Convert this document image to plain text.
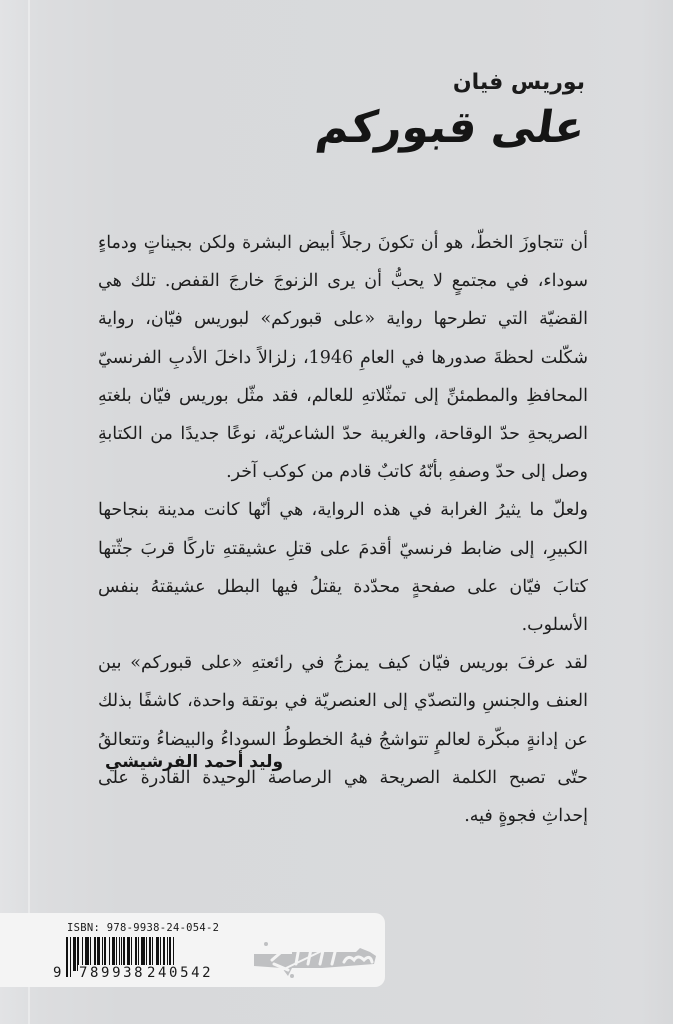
بوريس فيان
على قبوركم

أن تتجاوزَ الخطّ، هو أن تكونَ رجلاً أبيض البشرة ولكن بجيناتٍ ودماءٍ سوداء، في مجتمعٍ لا يحبُّ أن يرى الزنوجَ خارجَ القفص. تلك هي القضيّة التي تطرحها رواية «على قبوركم» لبوريس فيّان، رواية شكّلت لحظةَ صدورها في العامِ 1946، زلزالاً داخلَ الأدبِ الفرنسيّ المحافظِ والمطمئنِّ إلى تمثّلاتهِ للعالم، فقد مثّل بوريس فيّان بلغتهِ الصريحةِ حدّ الوقاحة، والغريبة حدّ الشاعريّة، نوعًا جديدًا من الكتابةِ وصل إلى حدّ وصفهِ بأنّهُ كاتبٌ قادم من كوكب آخر.

ولعلّ ما يثيرُ الغرابة في هذه الرواية، هي أنّها كانت مدينة بنجاحها الكبيرِ، إلى ضابط فرنسيّ أقدمَ على قتلِ عشيقتهِ تاركًا قربَ جثّتها كتابَ فيّان على صفحةٍ محدّدة يقتلُ فيها البطل عشيقتهُ بنفس الأسلوب.

لقد عرفَ بوريس فيّان كيف يمزجُ في رائعتهِ «على قبوركم» بين العنف والجنسِ والتصدّي إلى العنصريّة في بوتقة واحدة، كاشفًا بذلك عن إدانةٍ مبكّرة لعالمٍ تتواشجُ فيهُ الخطوطُ السوداءُ والبيضاءُ وتتعالقُ حتّى تصبح الكلمة الصريحة هي الرصاصة الوحيدة القادرة على إحداثِ فجوةٍ فيه.

وليد أحمد الفرشيشي
ISBN: 978-9938-24-054-2
9 789938 240542
